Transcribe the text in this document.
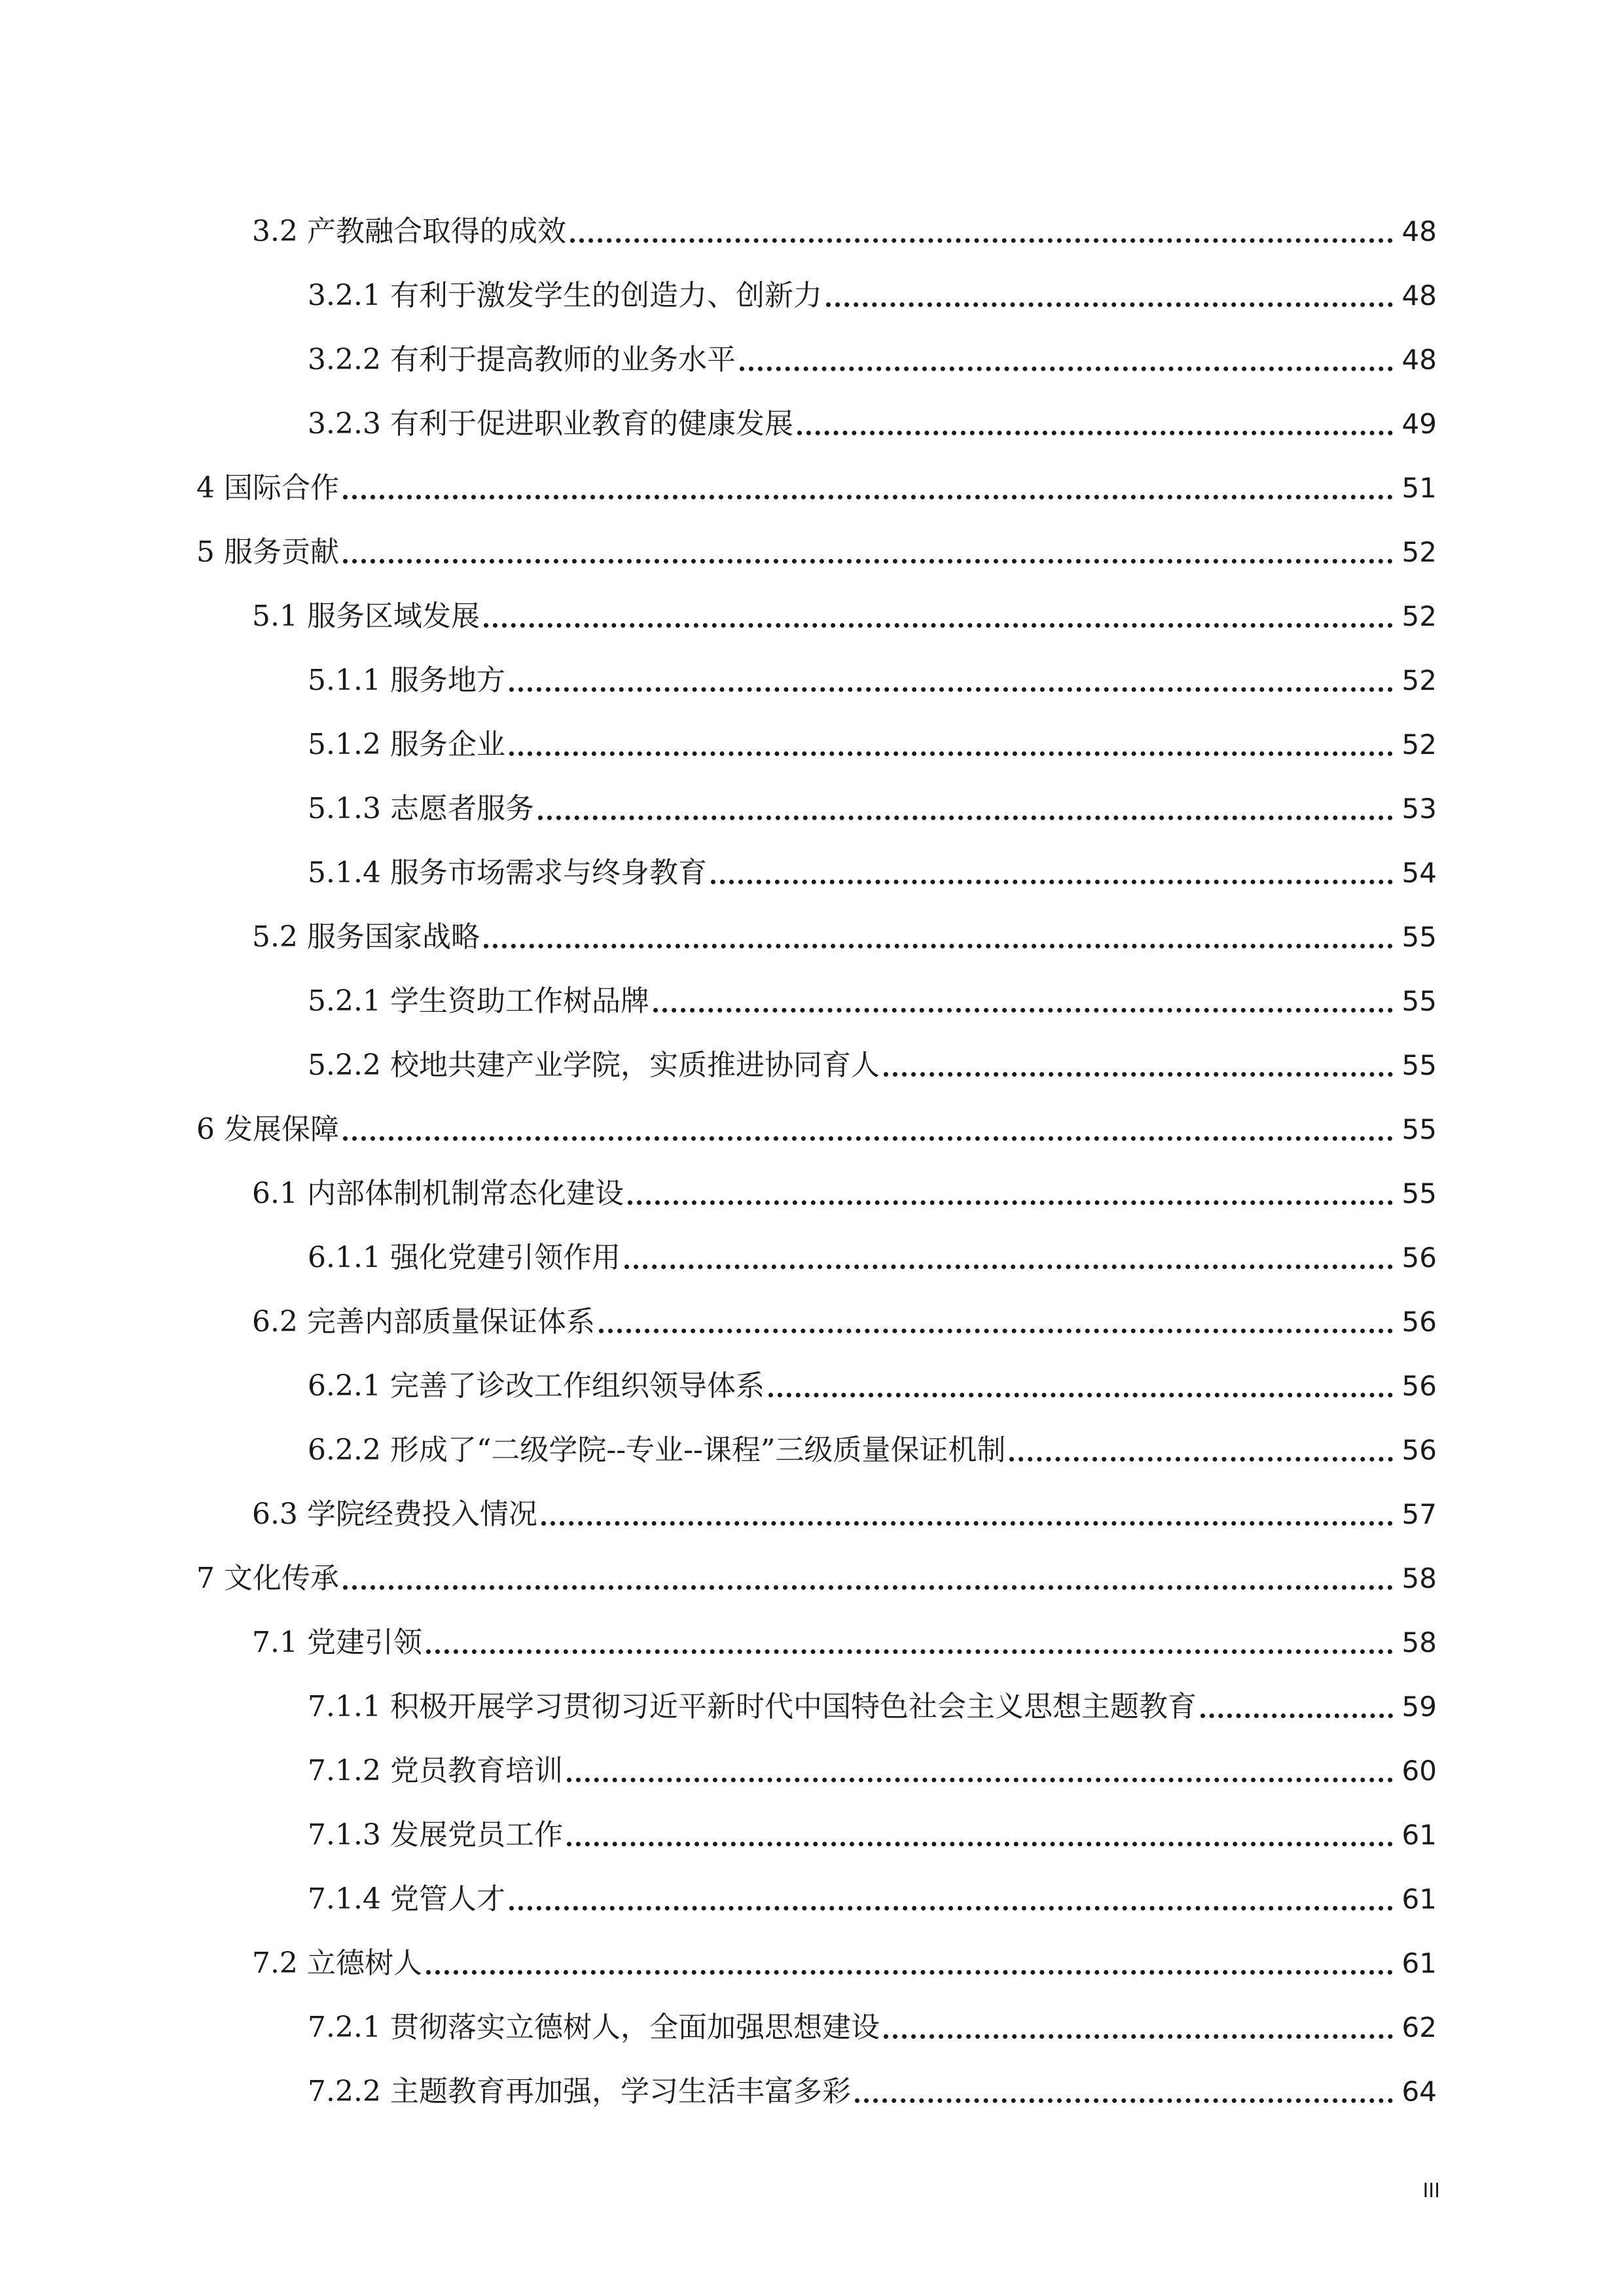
3.2 产教融合取得的成效	48
3.2.1 有利于激发学生的创造力、创新力	48
3.2.2 有利于提高教师的业务水平	48
3.2.3 有利于促进职业教育的健康发展	49
4 国际合作	51
5 服务贡献	52
5.1 服务区域发展	52
5.1.1 服务地方	52
5.1.2 服务企业	52
5.1.3 志愿者服务	53
5.1.4 服务市场需求与终身教育	54
5.2 服务国家战略	55
5.2.1 学生资助工作树品牌	55
5.2.2 校地共建产业学院，实质推进协同育人	55
6 发展保障	55
6.1 内部体制机制常态化建设	55
6.1.1 强化党建引领作用	56
6.2 完善内部质量保证体系	56
6.2.1 完善了诊改工作组织领导体系	56
6.2.2 形成了“二级学院--专业--课程”三级质量保证机制	56
6.3 学院经费投入情况	57
7 文化传承	58
7.1 党建引领	58
7.1.1 积极开展学习贯彻习近平新时代中国特色社会主义思想主题教育	59
7.1.2 党员教育培训	60
7.1.3 发展党员工作	61
7.1.4 党管人才	61
7.2 立德树人	61
7.2.1 贯彻落实立德树人，全面加强思想建设	62
7.2.2 主题教育再加强，学习生活丰富多彩	64
III
